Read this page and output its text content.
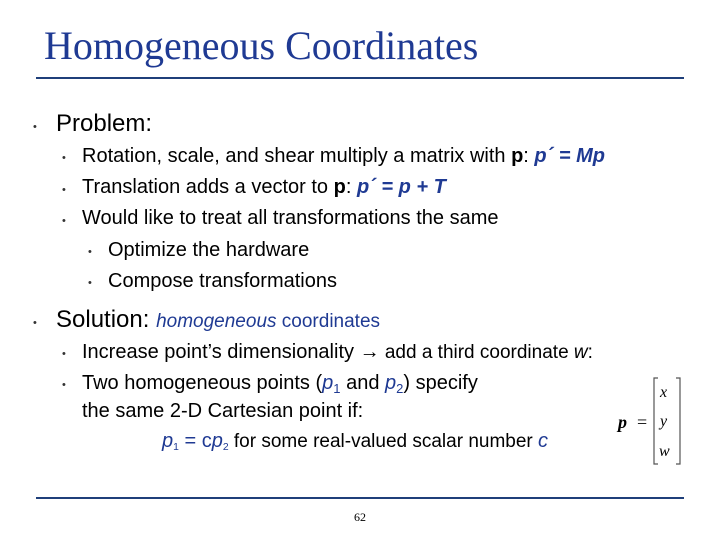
Homogeneous Coordinates
• Problem:
• Rotation, scale, and shear multiply a matrix with p: p´ = Mp
• Translation adds a vector to p: p´ = p + T
• Would like to treat all transformations the same
• Optimize the hardware
• Compose transformations
• Solution: homogeneous coordinates
• Increase point’s dimensionality → add a third coordinate w:
• Two homogeneous points ($p_1$ and $p_2$) specify
the same 2-D Cartesian point if:
$p_1 = cp_2$ for some real-valued scalar number c
p =
x
y
w
62
